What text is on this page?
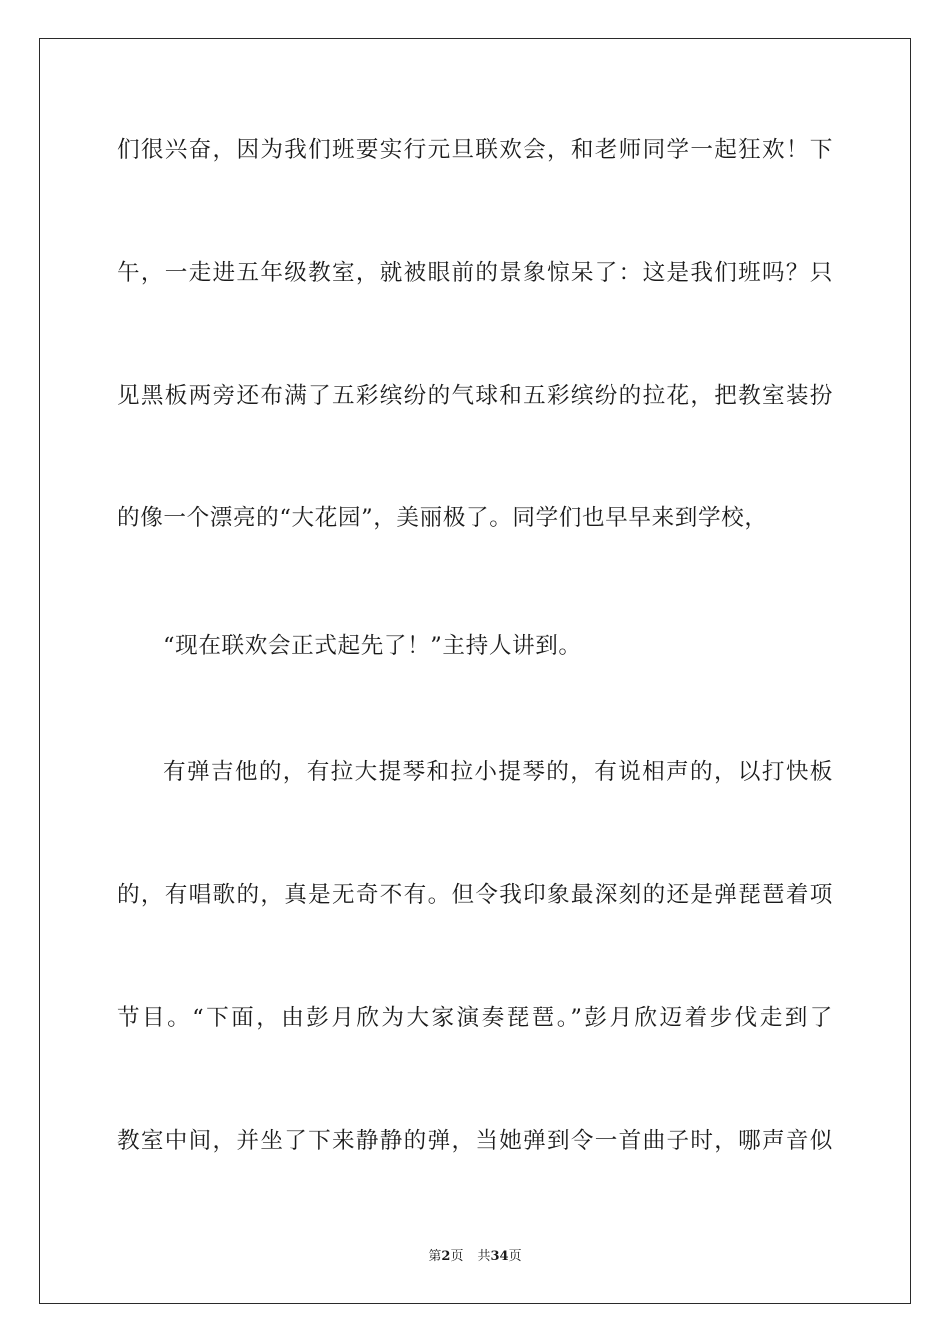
们很兴奋，因为我们班要实行元旦联欢会，和老师同学一起狂欢！下
午，一走进五年级教室，就被眼前的景象惊呆了：这是我们班吗？只
见黑板两旁还布满了五彩缤纷的气球和五彩缤纷的拉花，把教室装扮
的像一个漂亮的“大花园”，美丽极了。同学们也早早来到学校，
“现在联欢会正式起先了！”主持人讲到。
有弹吉他的，有拉大提琴和拉小提琴的，有说相声的，以打快板
的，有唱歌的，真是无奇不有。但令我印象最深刻的还是弹琵琶着项
节目。“下面，由彭月欣为大家演奏琵琶。”彭月欣迈着步伐走到了
教室中间，并坐了下来静静的弹，当她弹到令一首曲子时，哪声音似
第2页 共34页
